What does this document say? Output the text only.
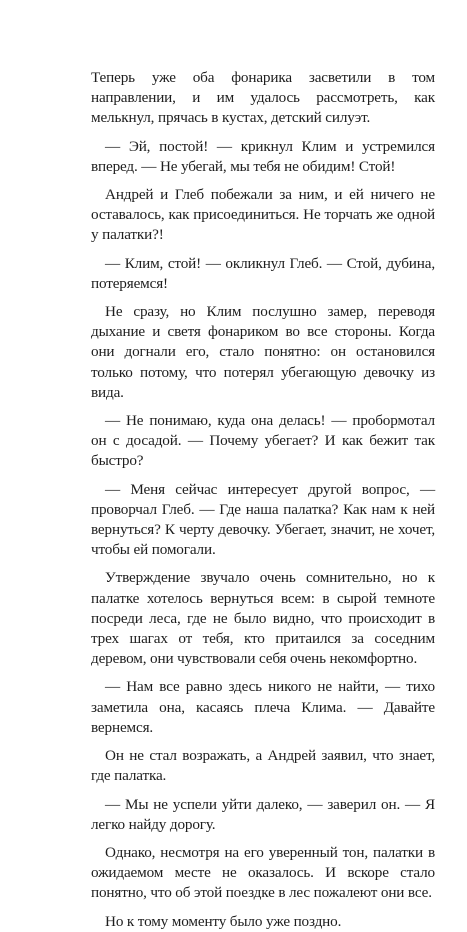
Теперь уже оба фонарика засветили в том направлении, и им удалось рассмотреть, как мелькнул, прячась в кустах, детский силуэт.

— Эй, постой! — крикнул Клим и устремился вперед. — Не убегай, мы тебя не обидим! Стой!

Андрей и Глеб побежали за ним, и ей ничего не оставалось, как присоединиться. Не торчать же одной у палатки?!

— Клим, стой! — окликнул Глеб. — Стой, дубина, потеряемся!

Не сразу, но Клим послушно замер, переводя дыхание и светя фонариком во все стороны. Когда они догнали его, стало понятно: он остановился только потому, что потерял убегающую девочку из вида.

— Не понимаю, куда она делась! — пробормотал он с досадой. — Почему убегает? И как бежит так быстро?

— Меня сейчас интересует другой вопрос, — проворчал Глеб. — Где наша палатка? Как нам к ней вернуться? К черту девочку. Убегает, значит, не хочет, чтобы ей помогали.

Утверждение звучало очень сомнительно, но к палатке хотелось вернуться всем: в сырой темноте посреди леса, где не было видно, что происходит в трех шагах от тебя, кто притаился за соседним деревом, они чувствовали себя очень некомфортно.

— Нам все равно здесь никого не найти, — тихо заметила она, касаясь плеча Клима. — Давайте вернемся.

Он не стал возражать, а Андрей заявил, что знает, где палатка.

— Мы не успели уйти далеко, — заверил он. — Я легко найду дорогу.

Однако, несмотря на его уверенный тон, палатки в ожидаемом месте не оказалось. И вскоре стало понятно, что об этой поездке в лес пожалеют они все.

Но к тому моменту было уже поздно.
